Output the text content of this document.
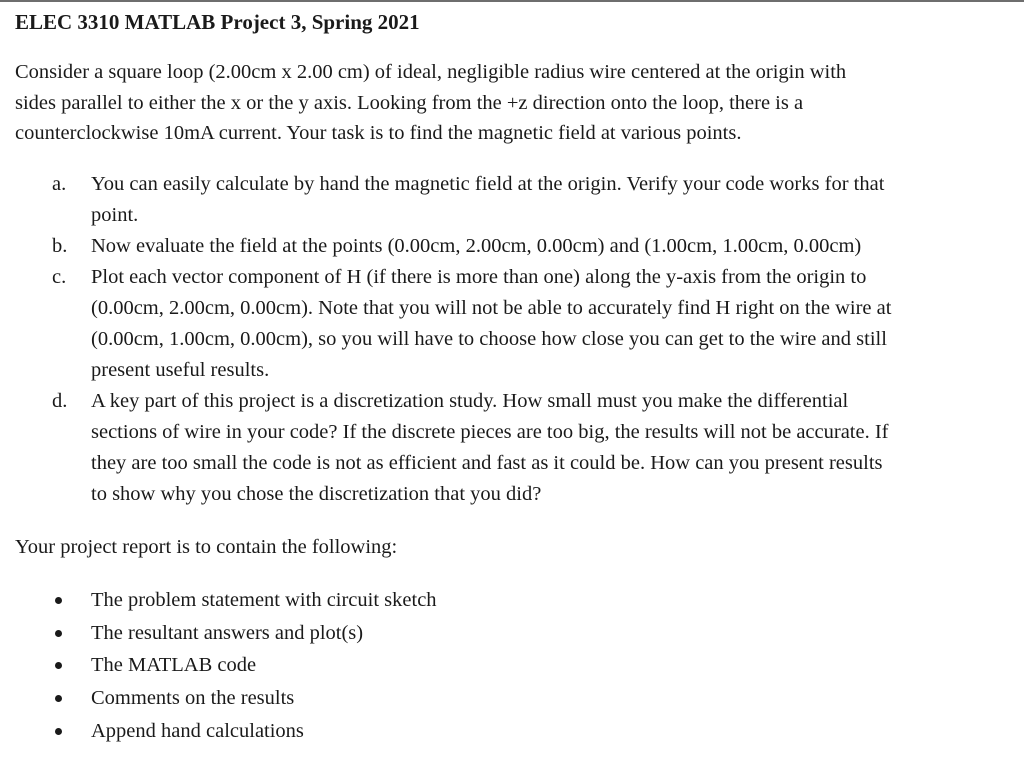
ELEC 3310 MATLAB Project 3, Spring 2021

Consider a square loop (2.00cm x 2.00 cm) of ideal, negligible radius wire centered at the origin with
sides parallel to either the x or the y axis. Looking from the +z direction onto the loop, there is a
counterclockwise 10mA current. Your task is to find the magnetic field at various points.

a. You can easily calculate by hand the magnetic field at the origin. Verify your code works for that
point.
b. Now evaluate the field at the points (0.00cm, 2.00cm, 0.00cm) and (1.00cm, 1.00cm, 0.00cm)
c. Plot each vector component of H (if there is more than one) along the y-axis from the origin to
(0.00cm, 2.00cm, 0.00cm). Note that you will not be able to accurately find H right on the wire at
(0.00cm, 1.00cm, 0.00cm), so you will have to choose how close you can get to the wire and still
present useful results.
d. A key part of this project is a discretization study. How small must you make the differential
sections of wire in your code? If the discrete pieces are too big, the results will not be accurate. If
they are too small the code is not as efficient and fast as it could be. How can you present results
to show why you chose the discretization that you did?
Your project report is to contain the following:
The problem statement with circuit sketch
The resultant answers and plot(s)
The MATLAB code
Comments on the results
Append hand calculations
